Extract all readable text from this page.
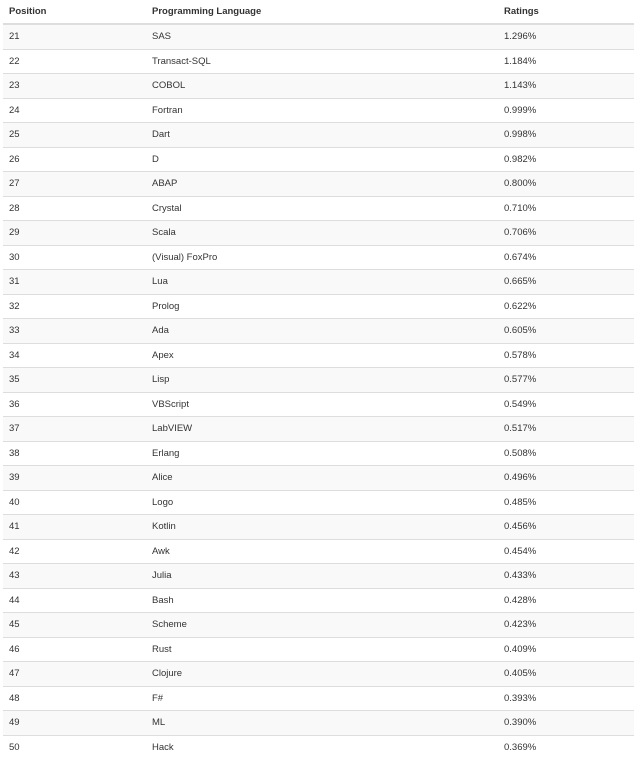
Position	Programming Language	Ratings
21	SAS	1.296%
22	Transact-SQL	1.184%
23	COBOL	1.143%
24	Fortran	0.999%
25	Dart	0.998%
26	D	0.982%
27	ABAP	0.800%
28	Crystal	0.710%
29	Scala	0.706%
30	(Visual) FoxPro	0.674%
31	Lua	0.665%
32	Prolog	0.622%
33	Ada	0.605%
34	Apex	0.578%
35	Lisp	0.577%
36	VBScript	0.549%
37	LabVIEW	0.517%
38	Erlang	0.508%
39	Alice	0.496%
40	Logo	0.485%
41	Kotlin	0.456%
42	Awk	0.454%
43	Julia	0.433%
44	Bash	0.428%
45	Scheme	0.423%
46	Rust	0.409%
47	Clojure	0.405%
48	F#	0.393%
49	ML	0.390%
50	Hack	0.369%
